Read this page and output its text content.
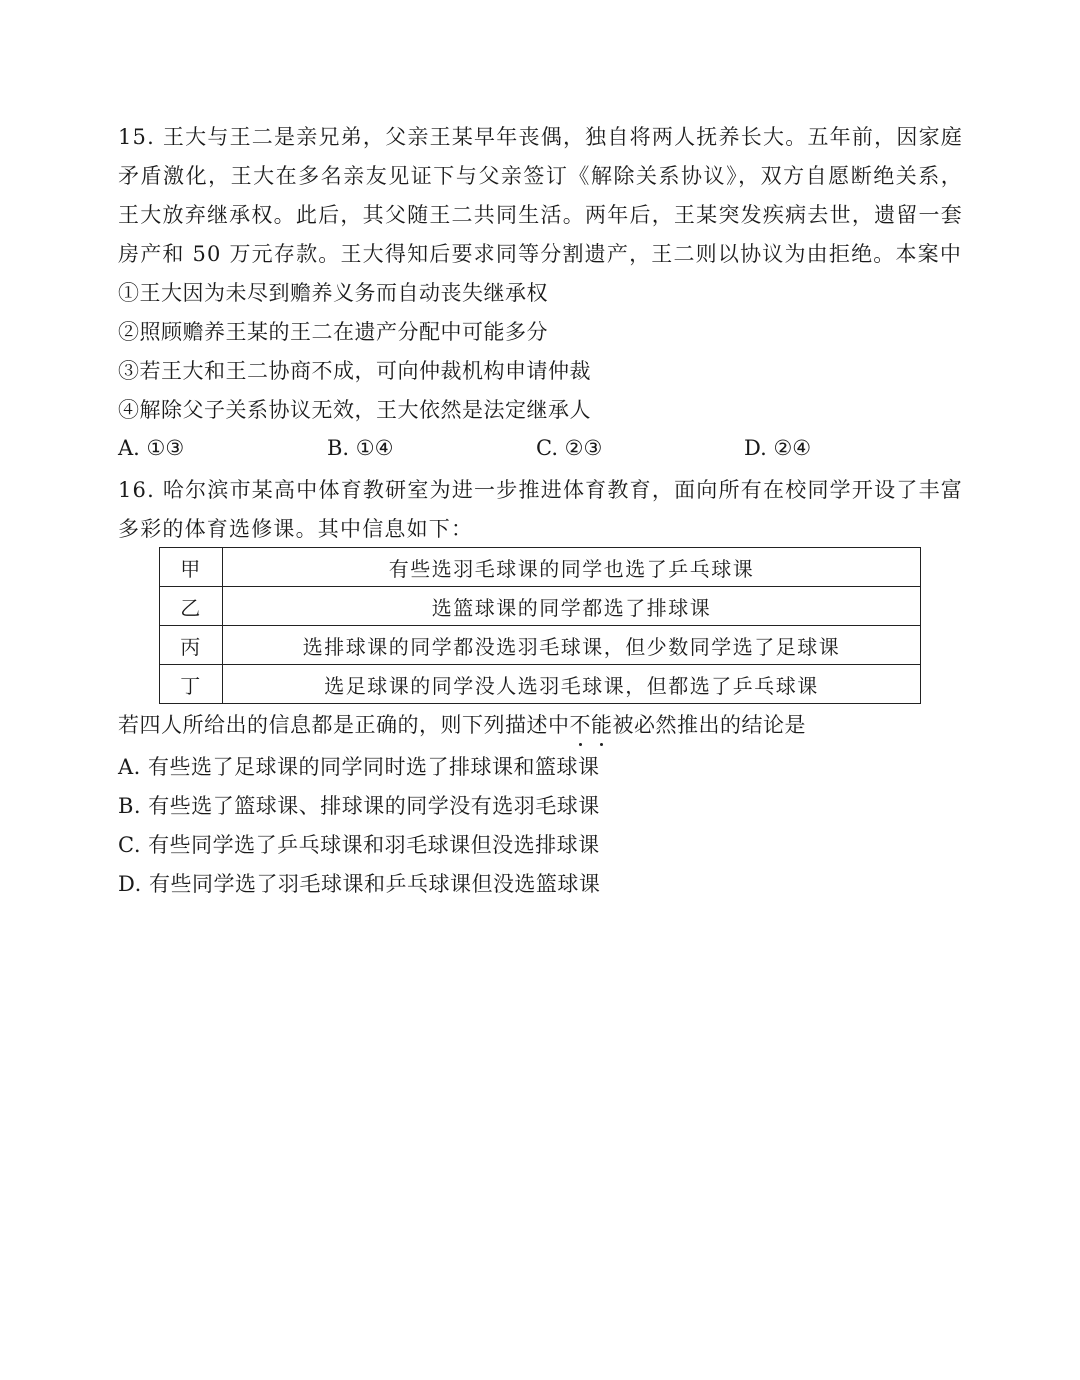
15. 王大与王二是亲兄弟，父亲王某早年丧偶，独自将两人抚养长大。五年前，因家庭矛盾激化，王大在多名亲友见证下与父亲签订《解除关系协议》，双方自愿断绝关系，王大放弃继承权。此后，其父随王二共同生活。两年后，王某突发疾病去世，遗留一套房产和 50 万元存款。王大得知后要求同等分割遗产，王二则以协议为由拒绝。本案中
①王大因为未尽到赡养义务而自动丧失继承权
②照顾赡养王某的王二在遗产分配中可能多分
③若王大和王二协商不成，可向仲裁机构申请仲裁
④解除父子关系协议无效，王大依然是法定继承人
A. ①③	B. ①④	C. ②③	D. ②④
16. 哈尔滨市某高中体育教研室为进一步推进体育教育，面向所有在校同学开设了丰富多彩的体育选修课。其中信息如下：
甲	有些选羽毛球课的同学也选了乒乓球课
乙	选篮球课的同学都选了排球课
丙	选排球课的同学都没选羽毛球课，但少数同学选了足球课
丁	选足球课的同学没人选羽毛球课，但都选了乒乓球课
若四人所给出的信息都是正确的，则下列描述中不
能
被必然推出的结论是
A. 有些选了足球课的同学同时选了排球课和篮球课
B. 有些选了篮球课、排球课的同学没有选羽毛球课
C. 有些同学选了乒乓球课和羽毛球课但没选排球课
D. 有些同学选了羽毛球课和乒乓球课但没选篮球课
